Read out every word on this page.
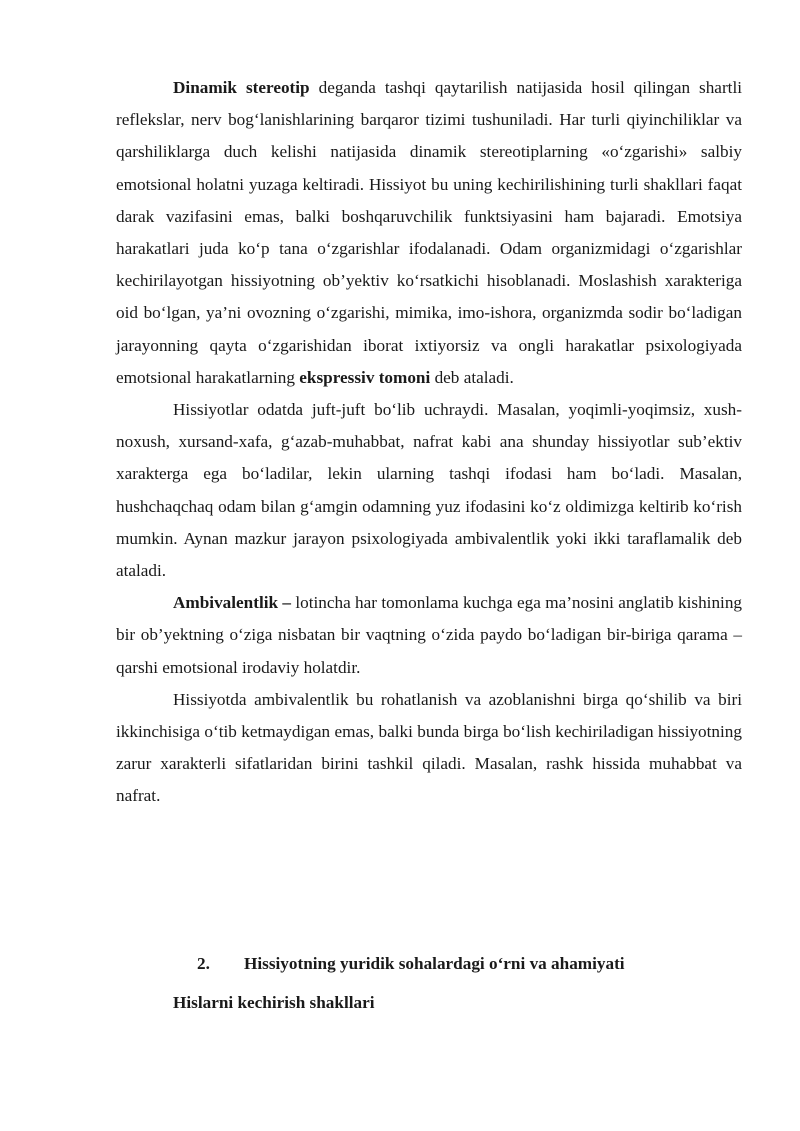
Dinamik stereotip deganda tashqi qaytarilish natijasida hosil qilingan shartli reflekslar, nerv bog‘lanishlarining barqaror tizimi tushuniladi. Har turli qiyinchiliklar va qarshiliklarga duch kelishi natijasida dinamik stereotiplarning «o‘zgarishi» salbiy emotsional holatni yuzaga keltiradi. Hissiyot bu uning kechirilishining turli shakllari faqat darak vazifasini emas, balki boshqaruvchilik funktsiyasini ham bajaradi. Emotsiya harakatlari juda ko‘p tana o‘zgarishlar ifodalanadi. Odam organizmidagi o‘zgarishlar kechirilayotgan hissiyotning ob’yektiv ko‘rsatkichi hisoblanadi. Moslashish xarakteriga oid bo‘lgan, ya’ni ovozning o‘zgarishi, mimika, imo-ishora, organizmda sodir bo‘ladigan jarayonning qayta o‘zgarishidan iborat ixtiyorsiz va ongli harakatlar psixologiyada emotsional harakatlarning ekspressiv tomoni deb ataladi.

Hissiyotlar odatda juft-juft bo‘lib uchraydi. Masalan, yoqimli-yoqimsiz, xush-noxush, xursand-xafa, g‘azab-muhabbat, nafrat kabi ana shunday hissiyotlar sub’ektiv xarakterga ega bo‘ladilar, lekin ularning tashqi ifodasi ham bo‘ladi. Masalan, hushchaqchaq odam bilan g‘amgin odamning yuz ifodasini ko‘z oldimizga keltirib ko‘rish mumkin. Aynan mazkur jarayon psixologiyada ambivalentlik yoki ikki taraflamalik deb ataladi.

Ambivalentlik – lotincha har tomonlama kuchga ega ma’nosini anglatib kishining bir ob’yektning o‘ziga nisbatan bir vaqtning o‘zida paydo bo‘ladigan bir-biriga qarama – qarshi emotsional irodaviy holatdir.

Hissiyotda ambivalentlik bu rohatlanish va azoblanishni birga qo‘shilib va biri ikkinchisiga o‘tib ketmaydigan emas, balki bunda birga bo‘lish kechiriladigan hissiyotning zarur xarakterli sifatlaridan birini tashkil qiladi. Masalan, rashk hissida muhabbat va nafrat.

2. Hissiyotning yuridik sohalardagi o‘rni va ahamiyati

Hislarni kechirish shakllari
